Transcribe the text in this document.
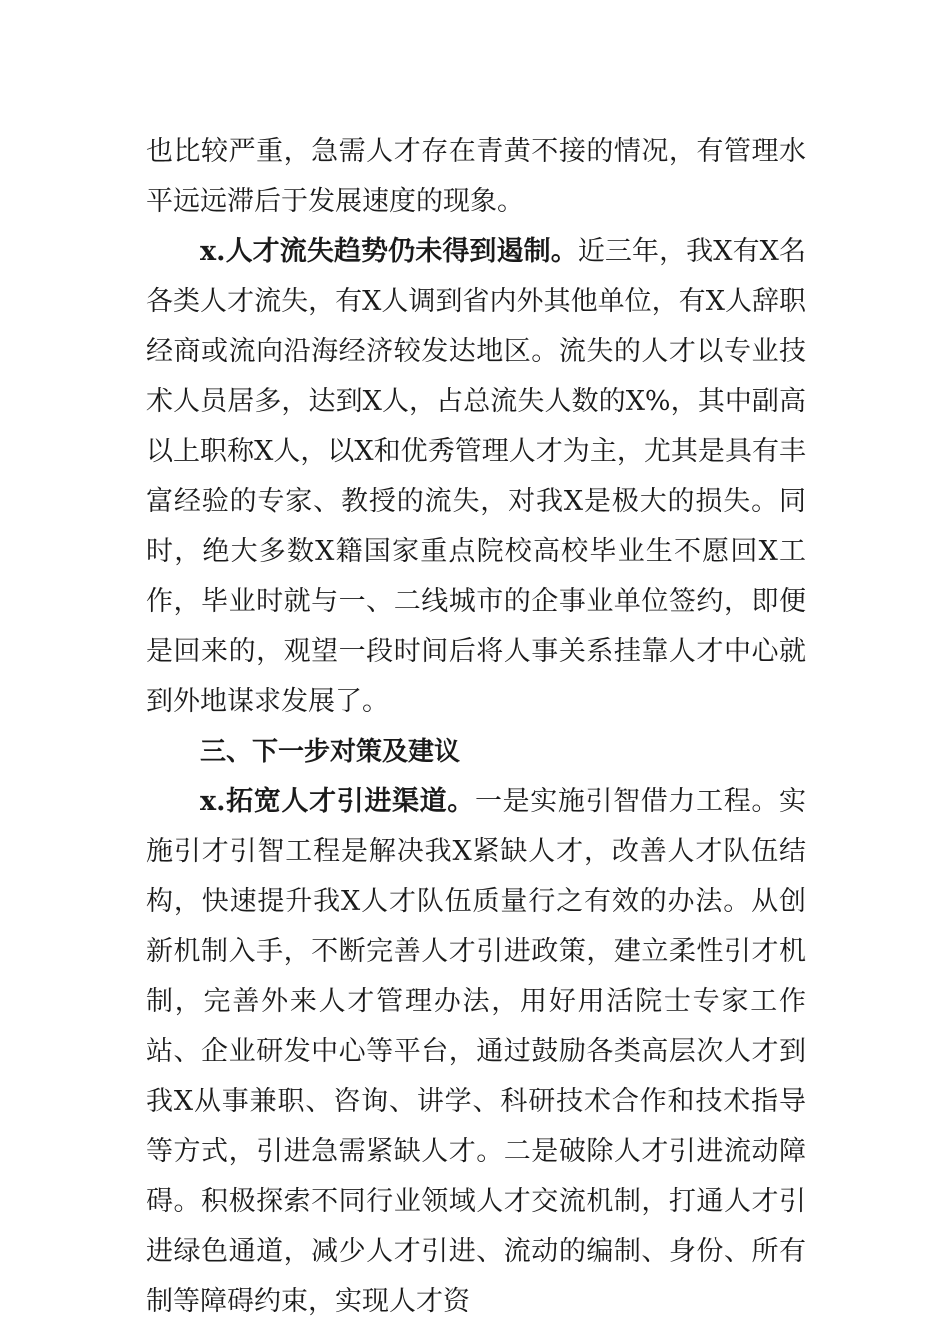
也比较严重，急需人才存在青黄不接的情况，有管理水平远远滞后于发展速度的现象。

x.人才流失趋势仍未得到遏制。近三年，我X有X名各类人才流失，有X人调到省内外其他单位，有X人辞职经商或流向沿海经济较发达地区。流失的人才以专业技术人员居多，达到X人，占总流失人数的X%，其中副高以上职称X人，以X和优秀管理人才为主，尤其是具有丰富经验的专家、教授的流失，对我X是极大的损失。同时，绝大多数X籍国家重点院校高校毕业生不愿回X工作，毕业时就与一、二线城市的企事业单位签约，即便是回来的，观望一段时间后将人事关系挂靠人才中心就到外地谋求发展了。

三、下一步对策及建议

x.拓宽人才引进渠道。一是实施引智借力工程。实施引才引智工程是解决我X紧缺人才，改善人才队伍结构，快速提升我X人才队伍质量行之有效的办法。从创新机制入手，不断完善人才引进政策，建立柔性引才机制，完善外来人才管理办法，用好用活院士专家工作站、企业研发中心等平台，通过鼓励各类高层次人才到我X从事兼职、咨询、讲学、科研技术合作和技术指导等方式，引进急需紧缺人才。二是破除人才引进流动障碍。积极探索不同行业领域人才交流机制，打通人才引进绿色通道，减少人才引进、流动的编制、身份、所有制等障碍约束，实现人才资
